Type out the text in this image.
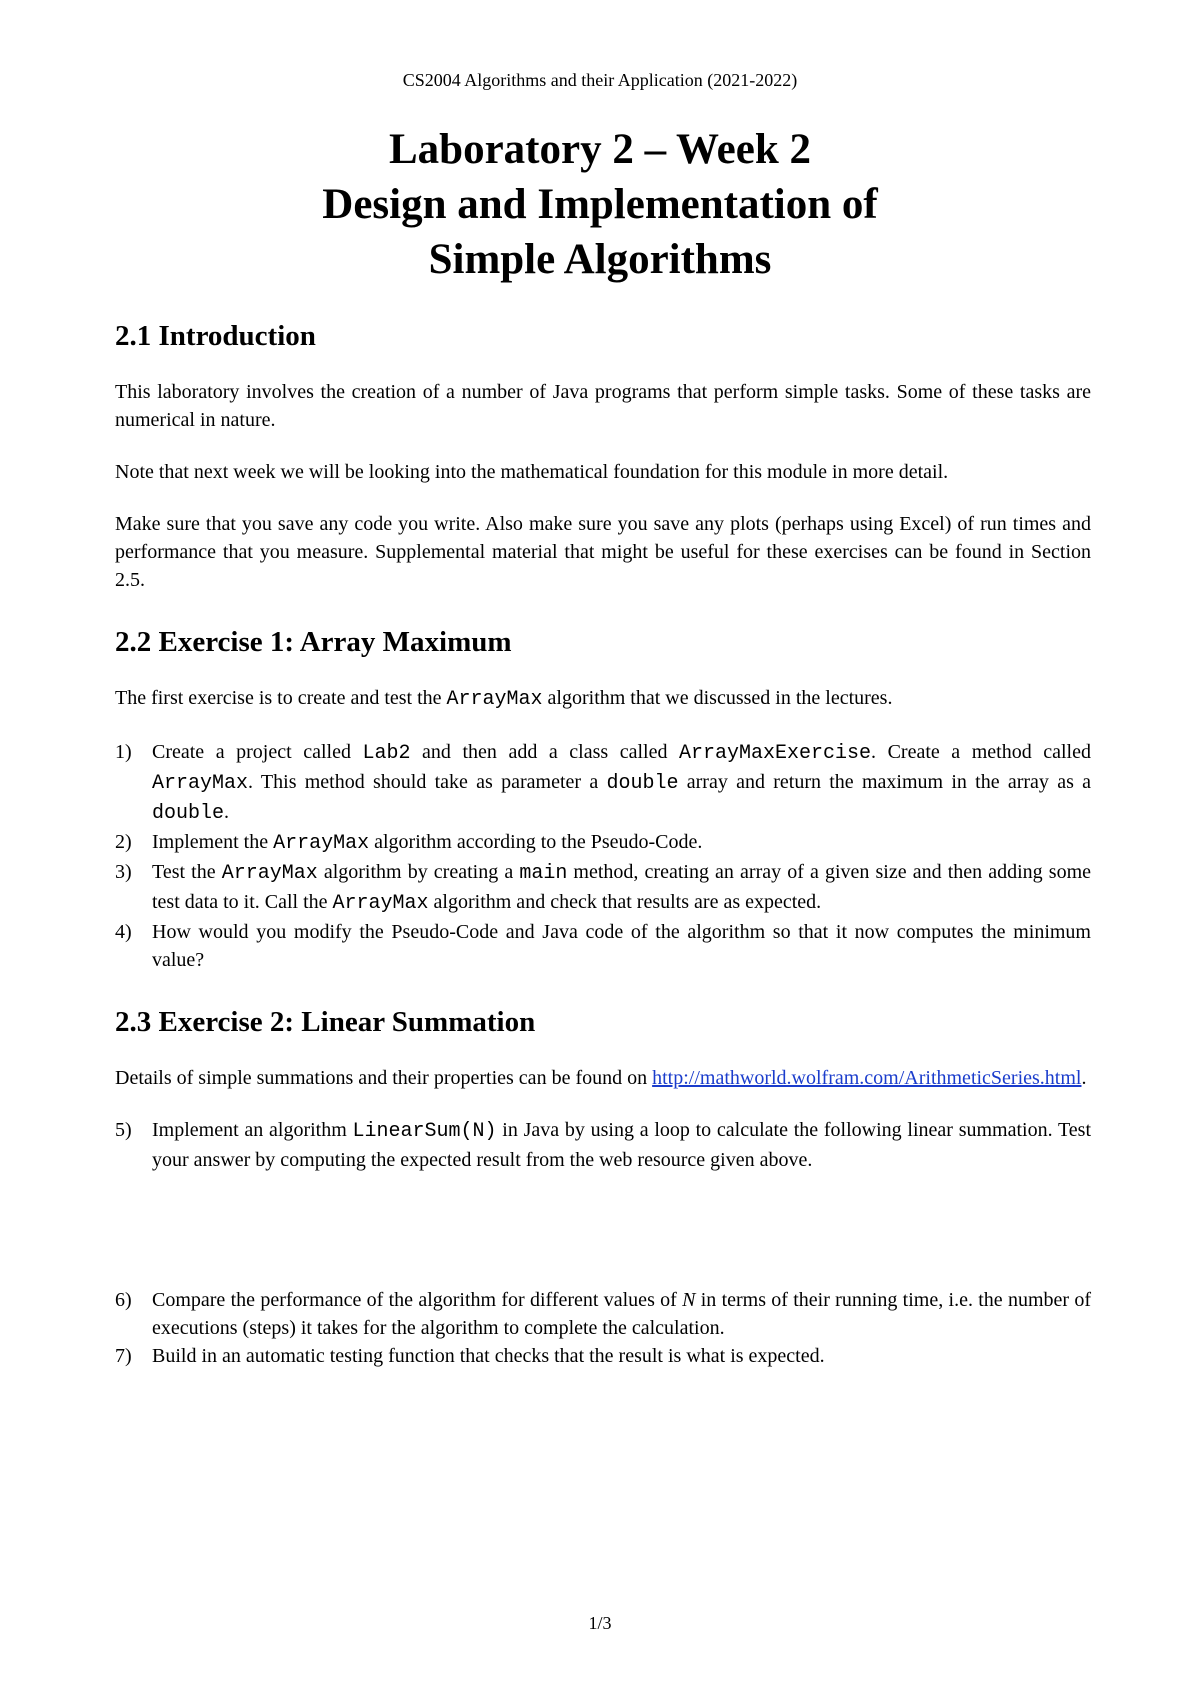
CS2004 Algorithms and their Application (2021-2022)
Laboratory 2 – Week 2
Design and Implementation of
Simple Algorithms
2.1 Introduction

This laboratory involves the creation of a number of Java programs that perform simple tasks. Some of these tasks are numerical in nature.

Note that next week we will be looking into the mathematical foundation for this module in more detail.

Make sure that you save any code you write. Also make sure you save any plots (perhaps using Excel) of run times and performance that you measure. Supplemental material that might be useful for these exercises can be found in Section 2.5.

2.2 Exercise 1: Array Maximum

The first exercise is to create and test the ArrayMax algorithm that we discussed in the lectures.

1) Create a project called Lab2 and then add a class called ArrayMaxExercise. Create a method called ArrayMax. This method should take as parameter a double array and return the maximum in the array as a double.
2) Implement the ArrayMax algorithm according to the Pseudo-Code.
3) Test the ArrayMax algorithm by creating a main method, creating an array of a given size and then adding some test data to it. Call the ArrayMax algorithm and check that results are as expected.
4) How would you modify the Pseudo-Code and Java code of the algorithm so that it now computes the minimum value?
2.3 Exercise 2: Linear Summation

Details of simple summations and their properties can be found on http://mathworld.wolfram.com/ArithmeticSeries.html.

5) Implement an algorithm LinearSum(N) in Java by using a loop to calculate the following linear summation. Test your answer by computing the expected result from the web resource given above.
6) Compare the performance of the algorithm for different values of N in terms of their running time, i.e. the number of executions (steps) it takes for the algorithm to complete the calculation.
7) Build in an automatic testing function that checks that the result is what is expected.
1/3
